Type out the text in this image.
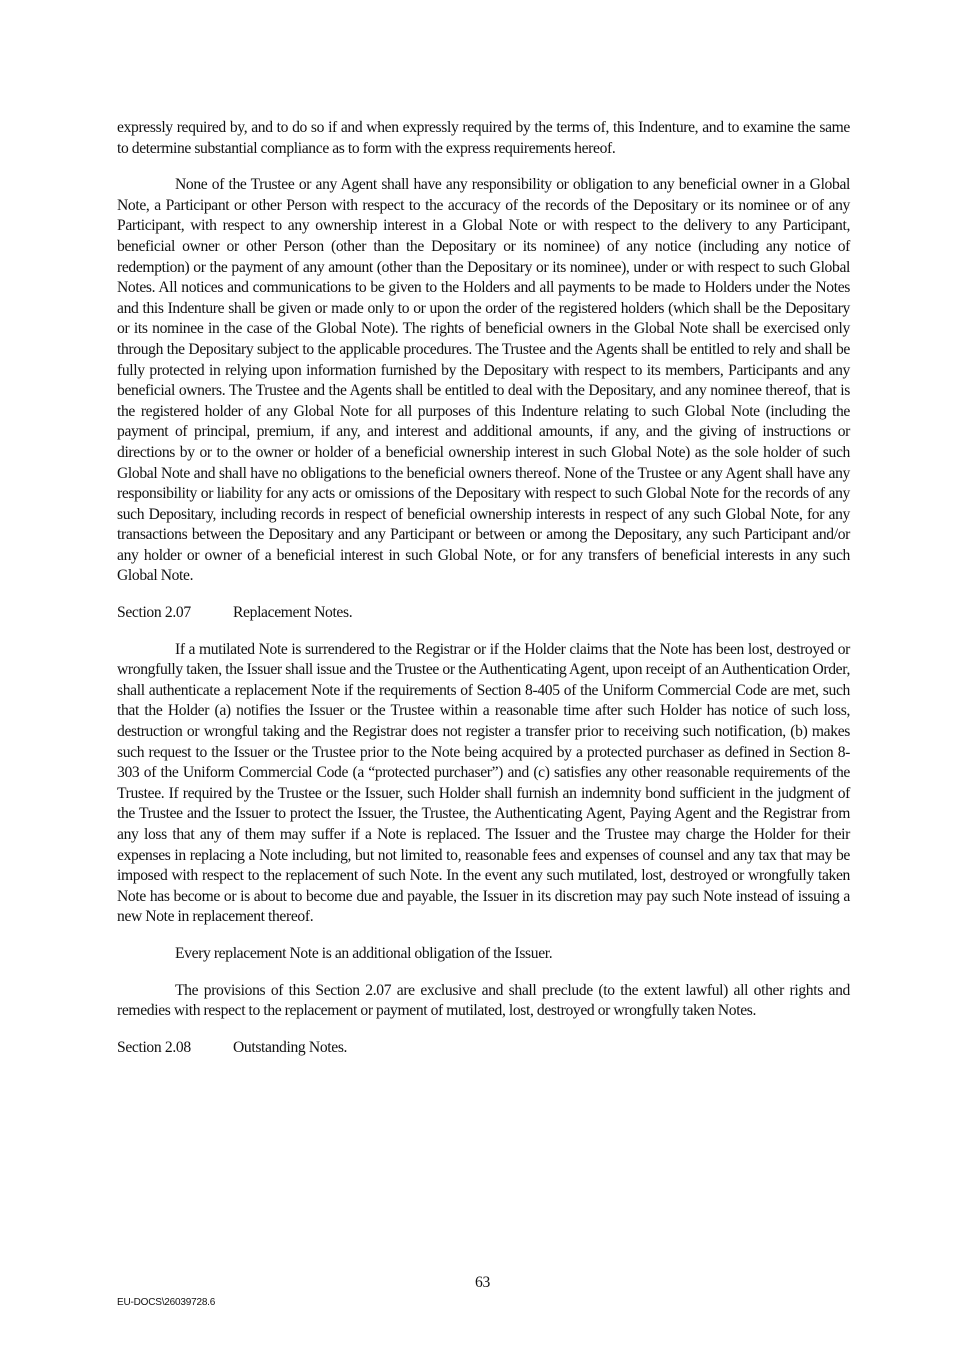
expressly required by, and to do so if and when expressly required by the terms of, this Indenture, and to examine the same to determine substantial compliance as to form with the express requirements hereof.

None of the Trustee or any Agent shall have any responsibility or obligation to any beneficial owner in a Global Note, a Participant or other Person with respect to the accuracy of the records of the Depositary or its nominee or of any Participant, with respect to any ownership interest in a Global Note or with respect to the delivery to any Participant, beneficial owner or other Person (other than the Depositary or its nominee) of any notice (including any notice of redemption) or the payment of any amount (other than the Depositary or its nominee), under or with respect to such Global Notes. All notices and communications to be given to the Holders and all payments to be made to Holders under the Notes and this Indenture shall be given or made only to or upon the order of the registered holders (which shall be the Depositary or its nominee in the case of the Global Note). The rights of beneficial owners in the Global Note shall be exercised only through the Depositary subject to the applicable procedures. The Trustee and the Agents shall be entitled to rely and shall be fully protected in relying upon information furnished by the Depositary with respect to its members, Participants and any beneficial owners. The Trustee and the Agents shall be entitled to deal with the Depositary, and any nominee thereof, that is the registered holder of any Global Note for all purposes of this Indenture relating to such Global Note (including the payment of principal, premium, if any, and interest and additional amounts, if any, and the giving of instructions or directions by or to the owner or holder of a beneficial ownership interest in such Global Note) as the sole holder of such Global Note and shall have no obligations to the beneficial owners thereof. None of the Trustee or any Agent shall have any responsibility or liability for any acts or omissions of the Depositary with respect to such Global Note for the records of any such Depositary, including records in respect of beneficial ownership interests in respect of any such Global Note, for any transactions between the Depositary and any Participant or between or among the Depositary, any such Participant and/or any holder or owner of a beneficial interest in such Global Note, or for any transfers of beneficial interests in any such Global Note.

Section 2.07	Replacement Notes.

If a mutilated Note is surrendered to the Registrar or if the Holder claims that the Note has been lost, destroyed or wrongfully taken, the Issuer shall issue and the Trustee or the Authenticating Agent, upon receipt of an Authentication Order, shall authenticate a replacement Note if the requirements of Section 8-405 of the Uniform Commercial Code are met, such that the Holder (a) notifies the Issuer or the Trustee within a reasonable time after such Holder has notice of such loss, destruction or wrongful taking and the Registrar does not register a transfer prior to receiving such notification, (b) makes such request to the Issuer or the Trustee prior to the Note being acquired by a protected purchaser as defined in Section 8-303 of the Uniform Commercial Code (a “protected purchaser”) and (c) satisfies any other reasonable requirements of the Trustee. If required by the Trustee or the Issuer, such Holder shall furnish an indemnity bond sufficient in the judgment of the Trustee and the Issuer to protect the Issuer, the Trustee, the Authenticating Agent, Paying Agent and the Registrar from any loss that any of them may suffer if a Note is replaced. The Issuer and the Trustee may charge the Holder for their expenses in replacing a Note including, but not limited to, reasonable fees and expenses of counsel and any tax that may be imposed with respect to the replacement of such Note. In the event any such mutilated, lost, destroyed or wrongfully taken Note has become or is about to become due and payable, the Issuer in its discretion may pay such Note instead of issuing a new Note in replacement thereof.

Every replacement Note is an additional obligation of the Issuer.

The provisions of this Section 2.07 are exclusive and shall preclude (to the extent lawful) all other rights and remedies with respect to the replacement or payment of mutilated, lost, destroyed or wrongfully taken Notes.

Section 2.08	Outstanding Notes.
63
EU-DOCS\26039728.6
